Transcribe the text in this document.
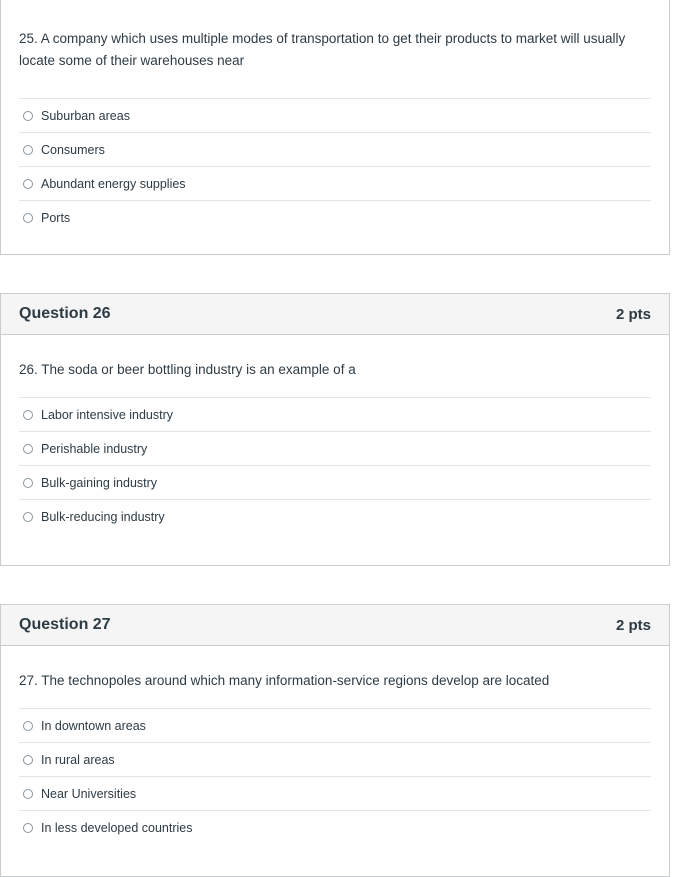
25. A company which uses multiple modes of transportation to get their products to market will usually locate some of their warehouses near

Suburban areas
Consumers
Abundant energy supplies
Ports
Question 26	2 pts

26. The soda or beer bottling industry is an example of a

Labor intensive industry
Perishable industry
Bulk-gaining industry
Bulk-reducing industry
Question 27	2 pts

27. The technopoles around which many information-service regions develop are located

In downtown areas
In rural areas
Near Universities
In less developed countries
